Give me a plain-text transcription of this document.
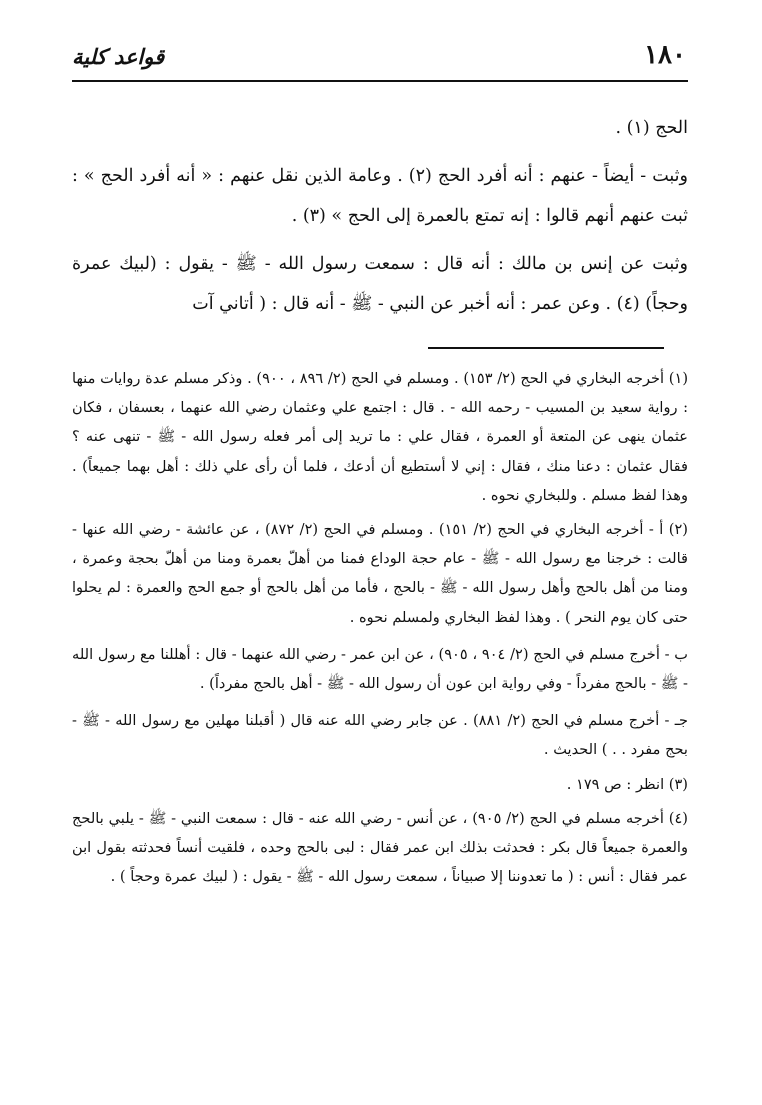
قواعد كلية	١٨٠

الحج (١) .

وثبت - أيضاً - عنهم : أنه أفرد الحج (٢) . وعامة الذين نقل عنهم : « أنه أفرد الحج » : ثبت عنهم أنهم قالوا : إنه تمتع بالعمرة إلى الحج » (٣) .

وثبت عن إنس بن مالك : أنه قال : سمعت رسول الله - ﷺ - يقول : (لبيك عمرة وحجاً) (٤) . وعن عمر : أنه أخبر عن النبي - ﷺ - أنه قال : ( أتاني آت

(١) أخرجه البخاري في الحج (٢/ ١٥٣) . ومسلم في الحج (٢/ ٨٩٦ ، ٩٠٠) . وذكر مسلم عدة روايات منها : رواية سعيد بن المسيب - رحمه الله - . قال : اجتمع علي وعثمان رضي الله عنهما ، بعسفان ، فكان عثمان ينهى عن المتعة أو العمرة ، فقال علي : ما تريد إلى أمر فعله رسول الله - ﷺ - تنهى عنه ؟ فقال عثمان : دعنا منك ، فقال : إني لا أستطيع أن أدعك ، فلما أن رأى علي ذلك : أهل بهما جميعاً) . وهذا لفظ مسلم . وللبخاري نحوه .

(٢) أ - أخرجه البخاري في الحج (٢/ ١٥١) . ومسلم في الحج (٢/ ٨٧٢) ، عن عائشة - رضي الله عنها - قالت : خرجنا مع رسول الله - ﷺ - عام حجة الوداع فمنا من أهلّ بعمرة ومنا من أهلّ بحجة وعمرة ، ومنا من أهل بالحج وأهل رسول الله - ﷺ - بالحج ، فأما من أهل بالحج أو جمع الحج والعمرة : لم يحلوا حتى كان يوم النحر ) . وهذا لفظ البخاري ولمسلم نحوه .

ب - أخرج مسلم في الحج (٢/ ٩٠٤ ، ٩٠٥) ، عن ابن عمر - رضي الله عنهما - قال : أهللنا مع رسول الله - ﷺ - بالحج مفرداً - وفي رواية ابن عون أن رسول الله - ﷺ - أهل بالحج مفرداً) .

جـ - أخرج مسلم في الحج (٢/ ٨٨١) . عن جابر رضي الله عنه قال ( أقبلنا مهلين مع رسول الله - ﷺ - بحج مفرد . . ) الحديث .

(٣) انظر : ص ١٧٩ .

(٤) أخرجه مسلم في الحج (٢/ ٩٠٥) ، عن أنس - رضي الله عنه - قال : سمعت النبي - ﷺ - يلبي بالحج والعمرة جميعاً قال بكر : فحدثت بذلك ابن عمر فقال : لبى بالحج وحده ، فلقيت أنساً فحدثته بقول ابن عمر فقال : أنس : ( ما تعدوننا إلا صبياناً ، سمعت رسول الله - ﷺ - يقول : ( لبيك عمرة وحجاً ) .
